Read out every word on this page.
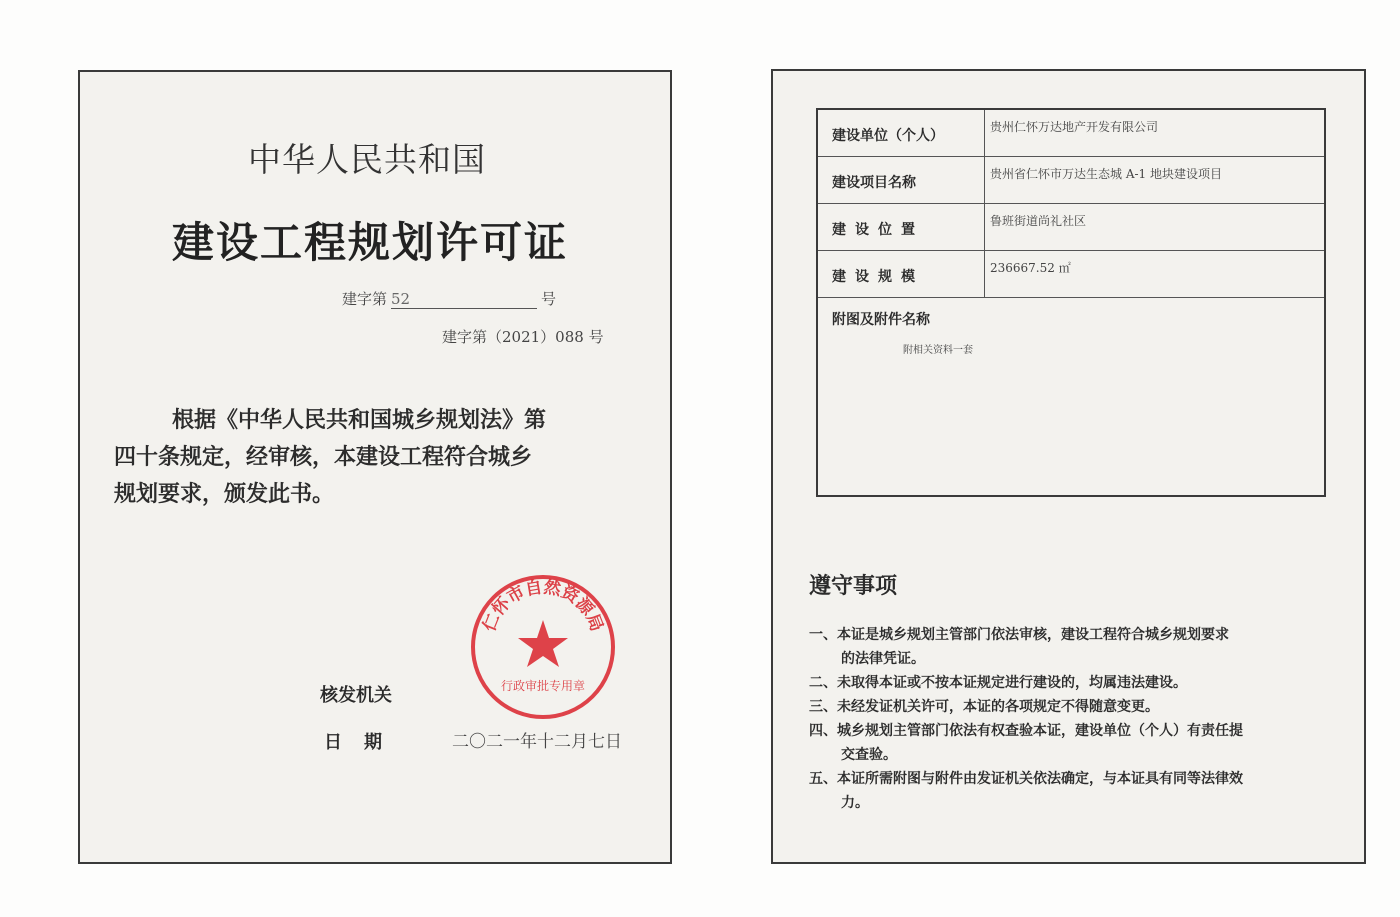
中华人民共和国
建设工程规划许可证
建字第 52	号
建字第（2021）088 号
根据《中华人民共和国城乡规划法》第
四十条规定，经审核，本建设工程符合城乡
规划要求，颁发此书。
仁怀市自然资源局
行政审批专用章
核发机关
日期	二〇二一年十二月七日
建设单位（个人）
贵州仁怀万达地产开发有限公司
建设项目名称
贵州省仁怀市万达生态城 A-1 地块建设项目
建设位置
鲁班街道尚礼社区
建设规模
236667.52 ㎡
附图及附件名称
附相关资料一套
遵守事项
一、本证是城乡规划主管部门依法审核，建设工程符合城乡规划要求
的法律凭证。
二、未取得本证或不按本证规定进行建设的，均属违法建设。
三、未经发证机关许可，本证的各项规定不得随意变更。
四、城乡规划主管部门依法有权查验本证，建设单位（个人）有责任提
交查验。
五、本证所需附图与附件由发证机关依法确定，与本证具有同等法律效
力。
